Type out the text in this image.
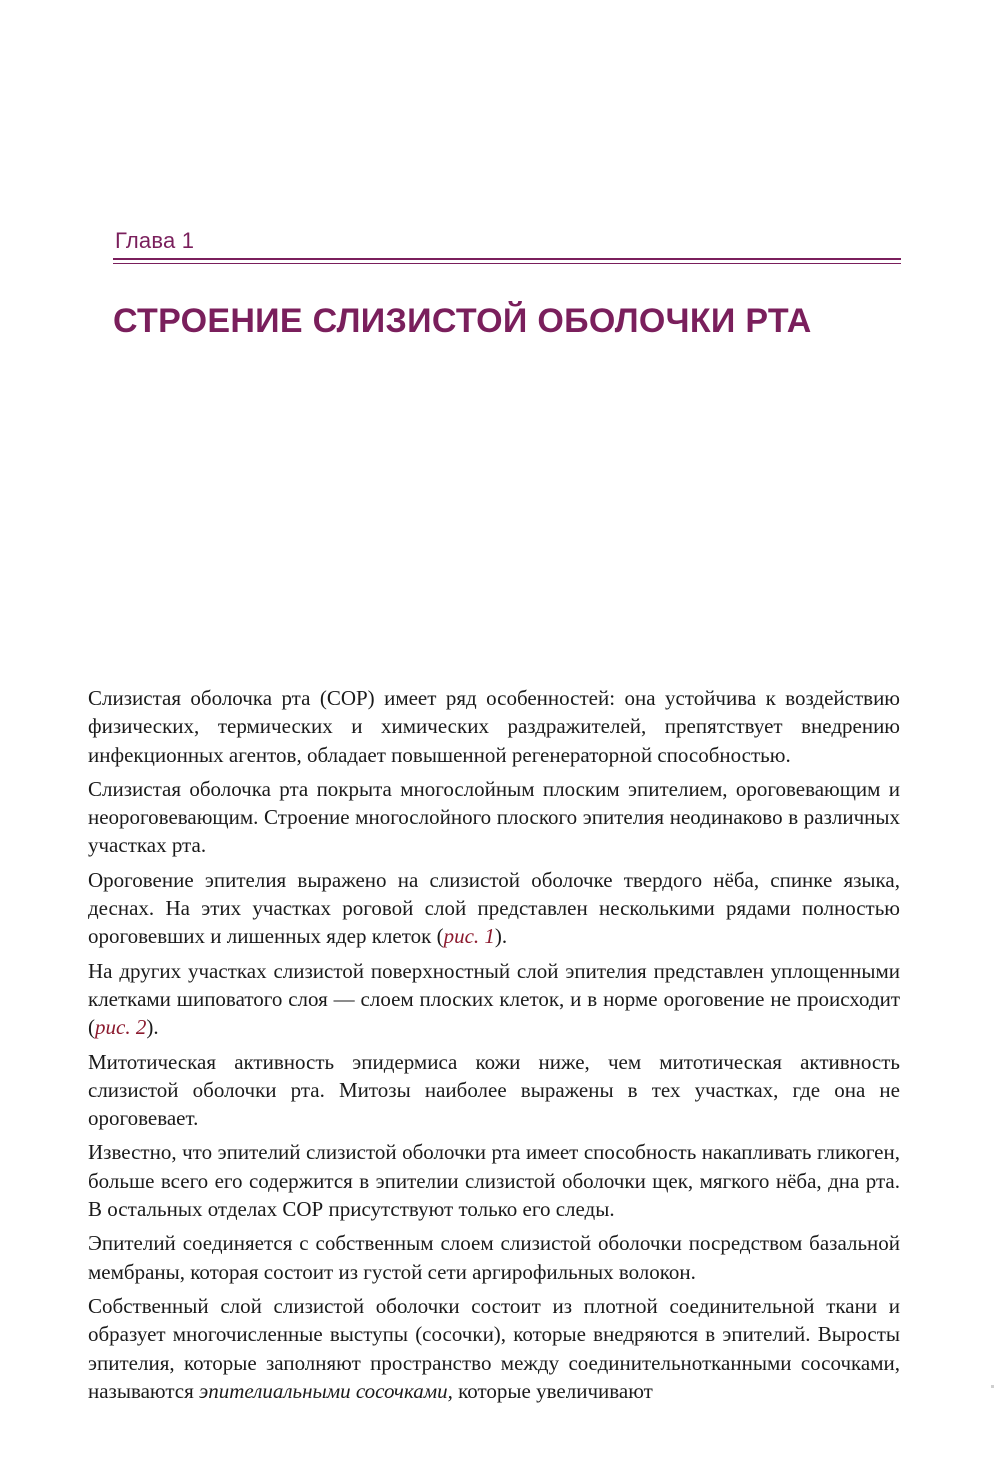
Глава 1
СТРОЕНИЕ СЛИЗИСТОЙ ОБОЛОЧКИ РТА

Слизистая оболочка рта (СОР) имеет ряд особенностей: она устойчива к воздействию физических, термических и химических раздражителей, препятствует внедрению инфекционных агентов, обладает повышенной регенераторной способностью.

Слизистая оболочка рта покрыта многослойным плоским эпителием, ороговевающим и неороговевающим. Строение многослойного плоского эпителия неодинаково в различных участках рта.

Ороговение эпителия выражено на слизистой оболочке твердого нёба, спинке языка, деснах. На этих участках роговой слой представлен несколькими рядами полностью ороговевших и лишенных ядер клеток (рис. 1).

На других участках слизистой поверхностный слой эпителия представлен уплощенными клетками шиповатого слоя — слоем плоских клеток, и в норме ороговение не происходит (рис. 2).

Митотическая активность эпидермиса кожи ниже, чем митотическая активность слизистой оболочки рта. Митозы наиболее выражены в тех участках, где она не ороговевает.

Известно, что эпителий слизистой оболочки рта имеет способность накапливать гликоген, больше всего его содержится в эпителии слизистой оболочки щек, мягкого нёба, дна рта. В остальных отделах СОР присутствуют только его следы.

Эпителий соединяется с собственным слоем слизистой оболочки посредством базальной мембраны, которая состоит из густой сети аргирофильных волокон.

Собственный слой слизистой оболочки состоит из плотной соединительной ткани и образует многочисленные выступы (сосочки), которые внедряются в эпителий. Выросты эпителия, которые заполняют пространство между соединительнотканными сосочками, называются эпителиальными сосочками, которые увеличивают
